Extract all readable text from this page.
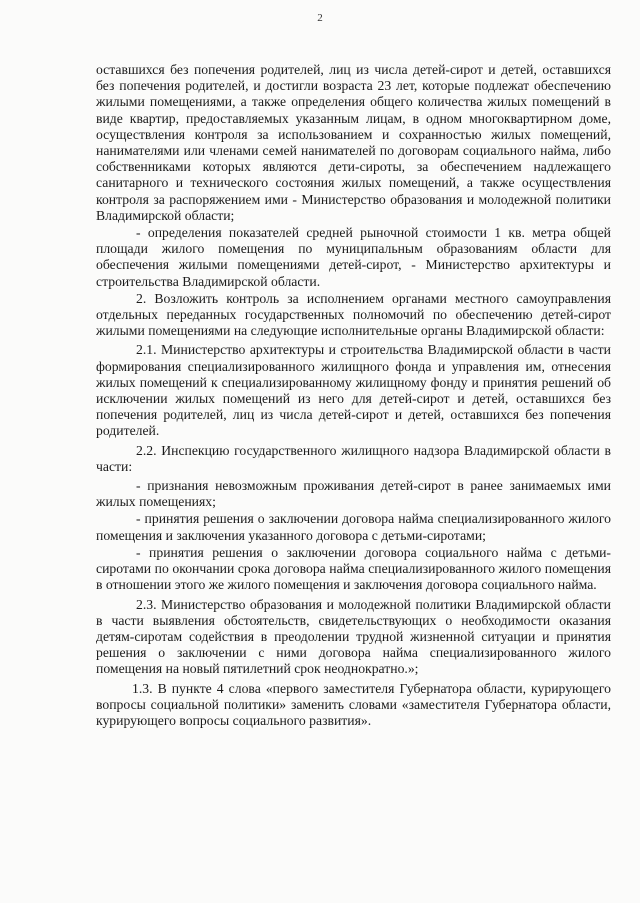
2

оставшихся без попечения родителей, лиц из числа детей-сирот и детей, оставшихся без попечения родителей, и достигли возраста 23 лет, которые подлежат обеспечению жилыми помещениями, а также определения общего количества жилых помещений в виде квартир, предоставляемых указанным лицам, в одном многоквартирном доме, осуществления контроля за использованием и сохранностью жилых помещений, нанимателями или членами семей нанимателей по договорам социального найма, либо собственниками которых являются дети-сироты, за обеспечением надлежащего санитарного и технического состояния жилых помещений, а также осуществления контроля за распоряжением ими - Министерство образования и молодежной политики Владимирской области;

- определения показателей средней рыночной стоимости 1 кв. метра общей площади жилого помещения по муниципальным образованиям области для обеспечения жилыми помещениями детей-сирот, - Министерство архитектуры и строительства Владимирской области.

2. Возложить контроль за исполнением органами местного самоуправления отдельных переданных государственных полномочий по обеспечению детей-сирот жилыми помещениями на следующие исполнительные органы Владимирской области:

2.1. Министерство архитектуры и строительства Владимирской области в части формирования специализированного жилищного фонда и управления им, отнесения жилых помещений к специализированному жилищному фонду и принятия решений об исключении жилых помещений из него для детей-сирот и детей, оставшихся без попечения родителей, лиц из числа детей-сирот и детей, оставшихся без попечения родителей.

2.2. Инспекцию государственного жилищного надзора Владимирской области в части:

- признания невозможным проживания детей-сирот в ранее занимаемых ими жилых помещениях;

- принятия решения о заключении договора найма специализированного жилого помещения и заключения указанного договора с детьми-сиротами;

- принятия решения о заключении договора социального найма с детьми-сиротами по окончании срока договора найма специализированного жилого помещения в отношении этого же жилого помещения и заключения договора социального найма.

2.3. Министерство образования и молодежной политики Владимирской области в части выявления обстоятельств, свидетельствующих о необходимости оказания детям-сиротам содействия в преодолении трудной жизненной ситуации и принятия решения о заключении с ними договора найма специализированного жилого помещения на новый пятилетний срок неоднократно.»;

1.3. В пункте 4 слова «первого заместителя Губернатора области, курирующего вопросы социальной политики» заменить словами «заместителя Губернатора области, курирующего вопросы социального развития».
